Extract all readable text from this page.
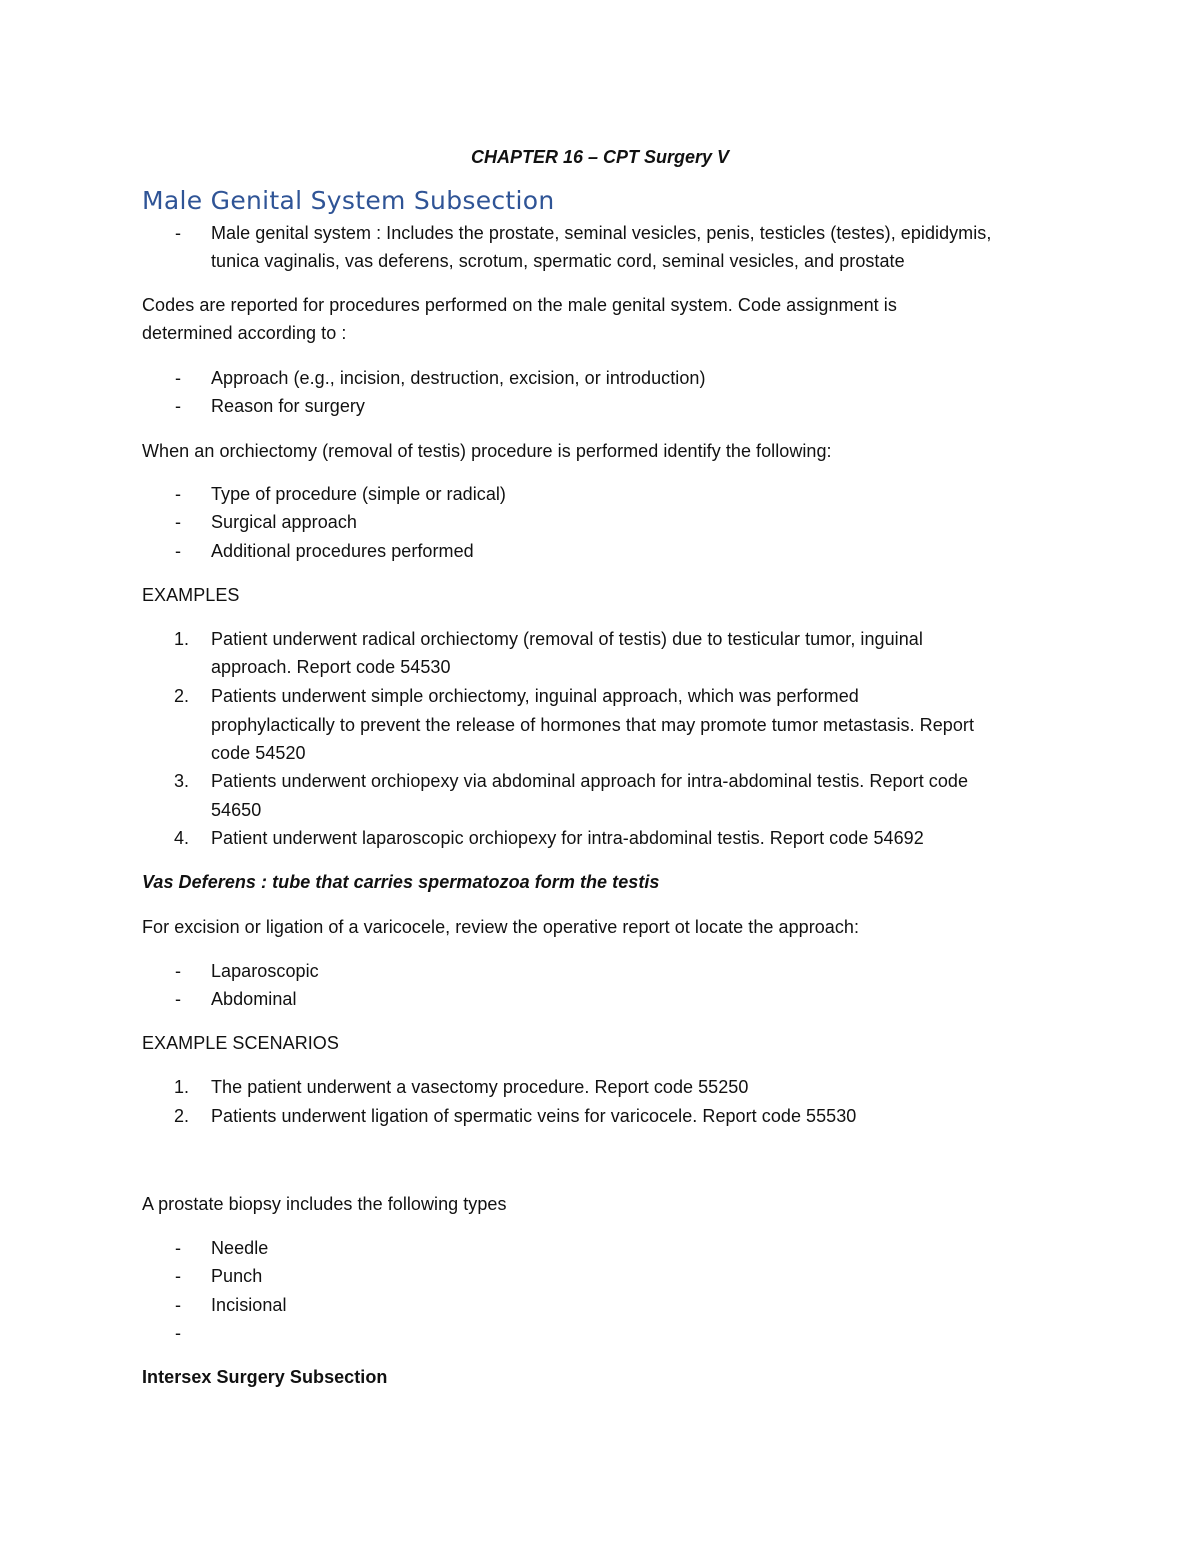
CHAPTER 16 – CPT Surgery V

Male Genital System Subsection

- Male genital system : Includes the prostate, seminal vesicles, penis, testicles (testes), epididymis,
tunica vaginalis, vas deferens, scrotum, spermatic cord, seminal vesicles, and prostate
Codes are reported for procedures performed on the male genital system. Code assignment is
determined according to :
- Approach (e.g., incision, destruction, excision, or introduction)
- Reason for surgery
When an orchiectomy (removal of testis) procedure is performed identify the following:
- Type of procedure (simple or radical)
- Surgical approach
- Additional procedures performed
EXAMPLES
1. Patient underwent radical orchiectomy (removal of testis) due to testicular tumor, inguinal
approach. Report code 54530
2. Patients underwent simple orchiectomy, inguinal approach, which was performed
prophylactically to prevent the release of hormones that may promote tumor metastasis. Report
code 54520
3. Patients underwent orchiopexy via abdominal approach for intra-abdominal testis. Report code
54650
4. Patient underwent laparoscopic orchiopexy for intra-abdominal testis. Report code 54692
Vas Deferens : tube that carries spermatozoa form the testis
For excision or ligation of a varicocele, review the operative report ot locate the approach:
- Laparoscopic
- Abdominal
EXAMPLE SCENARIOS
1. The patient underwent a vasectomy procedure. Report code 55250
2. Patients underwent ligation of spermatic veins for varicocele. Report code 55530
A prostate biopsy includes the following types
- Needle
- Punch
- Incisional
-
Intersex Surgery Subsection
